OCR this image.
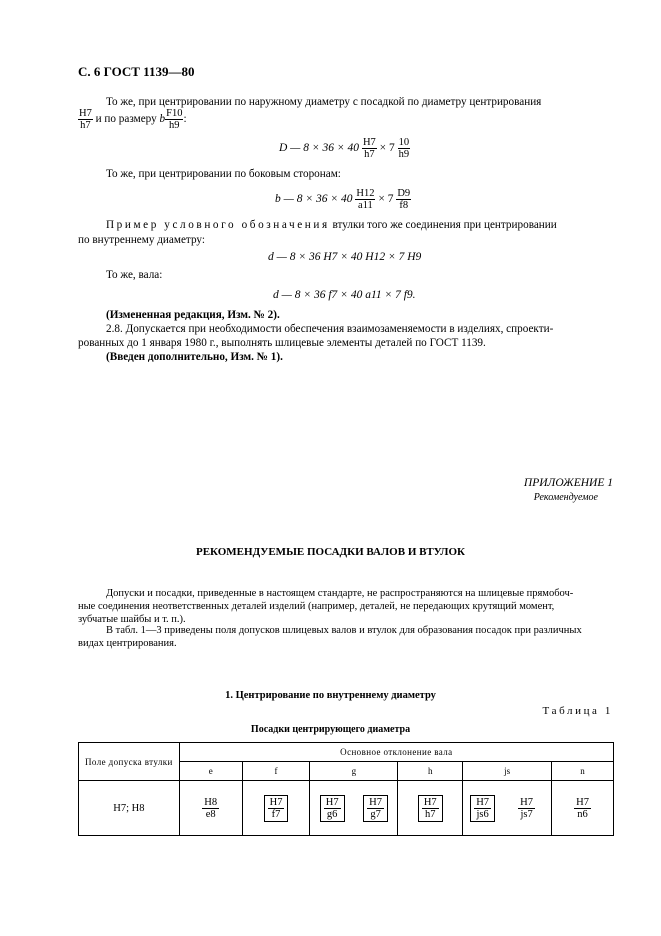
С. 6 ГОСТ 1139—80
То же, при центрировании по наружному диаметру с посадкой по диаметру центрирования
$\frac{H7}{h7}$ и по размеру b $\frac{F10}{h9}$ :
D — $8 \times 36 \times 40 \frac{H7}{h7} \times 7 \frac{10}{h9}$
То же, при центрировании по боковым сторонам:
b — $8 \times 36 \times 40 \frac{H12}{a11} \times 7 \frac{D9}{f8}$
Пример условного обозначения втулки того же соединения при центрировании
по внутреннему диаметру:
d — 8 × 36 H7 × 40 H12 × 7 H9
То же, вала:
d — 8 × 36 f7 × 40 a11 × 7 f9.
(Измененная редакция, Изм. № 2).
2.8. Допускается при необходимости обеспечения взаимозаменяемости в изделиях, спроекти-
рованных до 1 января 1980 г., выполнять шлицевые элементы деталей по ГОСТ 1139.
(Введен дополнительно, Изм. № 1).
ПРИЛОЖЕНИЕ 1
Рекомендуемое
РЕКОМЕНДУЕМЫЕ ПОСАДКИ ВАЛОВ И ВТУЛОК
Допуски и посадки, приведенные в настоящем стандарте, не распространяются на шлицевые прямобоч-
ные соединения неответственных деталей изделий (например, деталей, не передающих крутящий момент,
зубчатые шайбы и т. п.).
В табл. 1—3 приведены поля допусков шлицевых валов и втулок для образования посадок при различных
видах центрирования.
1. Центрирование по внутреннему диаметру
Таблица 1
Посадки центрирующего диаметра
Поле допуска втулки	Основное отклонение вала					
	e	f	g	h	js	n
H7; H8	$\frac{H8}{e8}$	$\frac{H7}{f7}$	$\frac{H7}{g6} \frac{H7}{g7}$	$\frac{H7}{h7}$	$\frac{H7}{js6} \frac{H7}{js7}$	$\frac{H7}{n6}$
